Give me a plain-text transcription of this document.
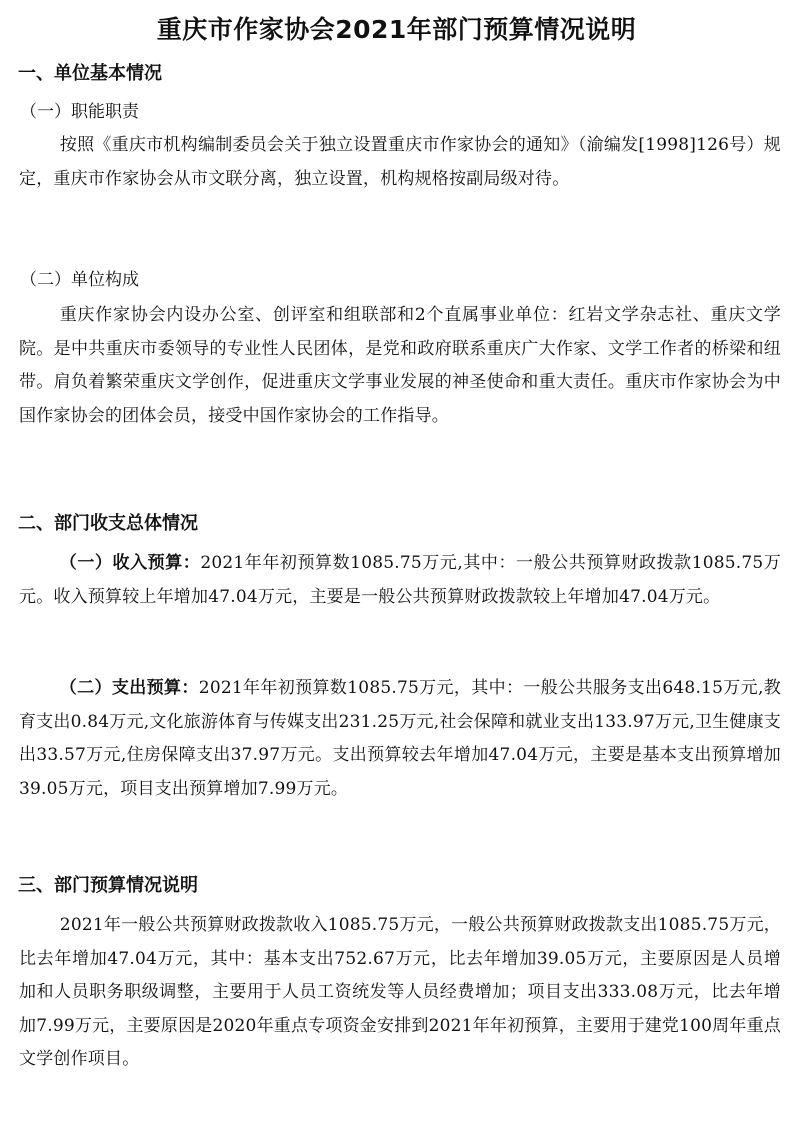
重庆市作家协会2021年部门预算情况说明
一、单位基本情况
（一）职能职责
按照《重庆市机构编制委员会关于独立设置重庆市作家协会的通知》（渝编发[1998]126号）规定，重庆市作家协会从市文联分离，独立设置，机构规格按副局级对待。
（二）单位构成
重庆作家协会内设办公室、创评室和组联部和2个直属事业单位：红岩文学杂志社、重庆文学院。是中共重庆市委领导的专业性人民团体，是党和政府联系重庆广大作家、文学工作者的桥梁和纽带。肩负着繁荣重庆文学创作，促进重庆文学事业发展的神圣使命和重大责任。重庆市作家协会为中国作家协会的团体会员，接受中国作家协会的工作指导。
二、部门收支总体情况
（一）收入预算：2021年年初预算数1085.75万元,其中：一般公共预算财政拨款1085.75万元。收入预算较上年增加47.04万元，主要是一般公共预算财政拨款较上年增加47.04万元。
（二）支出预算：2021年年初预算数1085.75万元，其中：一般公共服务支出648.15万元,教育支出0.84万元,文化旅游体育与传媒支出231.25万元,社会保障和就业支出133.97万元,卫生健康支出33.57万元,住房保障支出37.97万元。支出预算较去年增加47.04万元，主要是基本支出预算增加39.05万元，项目支出预算增加7.99万元。
三、部门预算情况说明
2021年一般公共预算财政拨款收入1085.75万元，一般公共预算财政拨款支出1085.75万元，比去年增加47.04万元，其中：基本支出752.67万元，比去年增加39.05万元，主要原因是人员增加和人员职务职级调整，主要用于人员工资统发等人员经费增加；项目支出333.08万元，比去年增加7.99万元，主要原因是2020年重点专项资金安排到2021年年初预算，主要用于建党100周年重点文学创作项目。
